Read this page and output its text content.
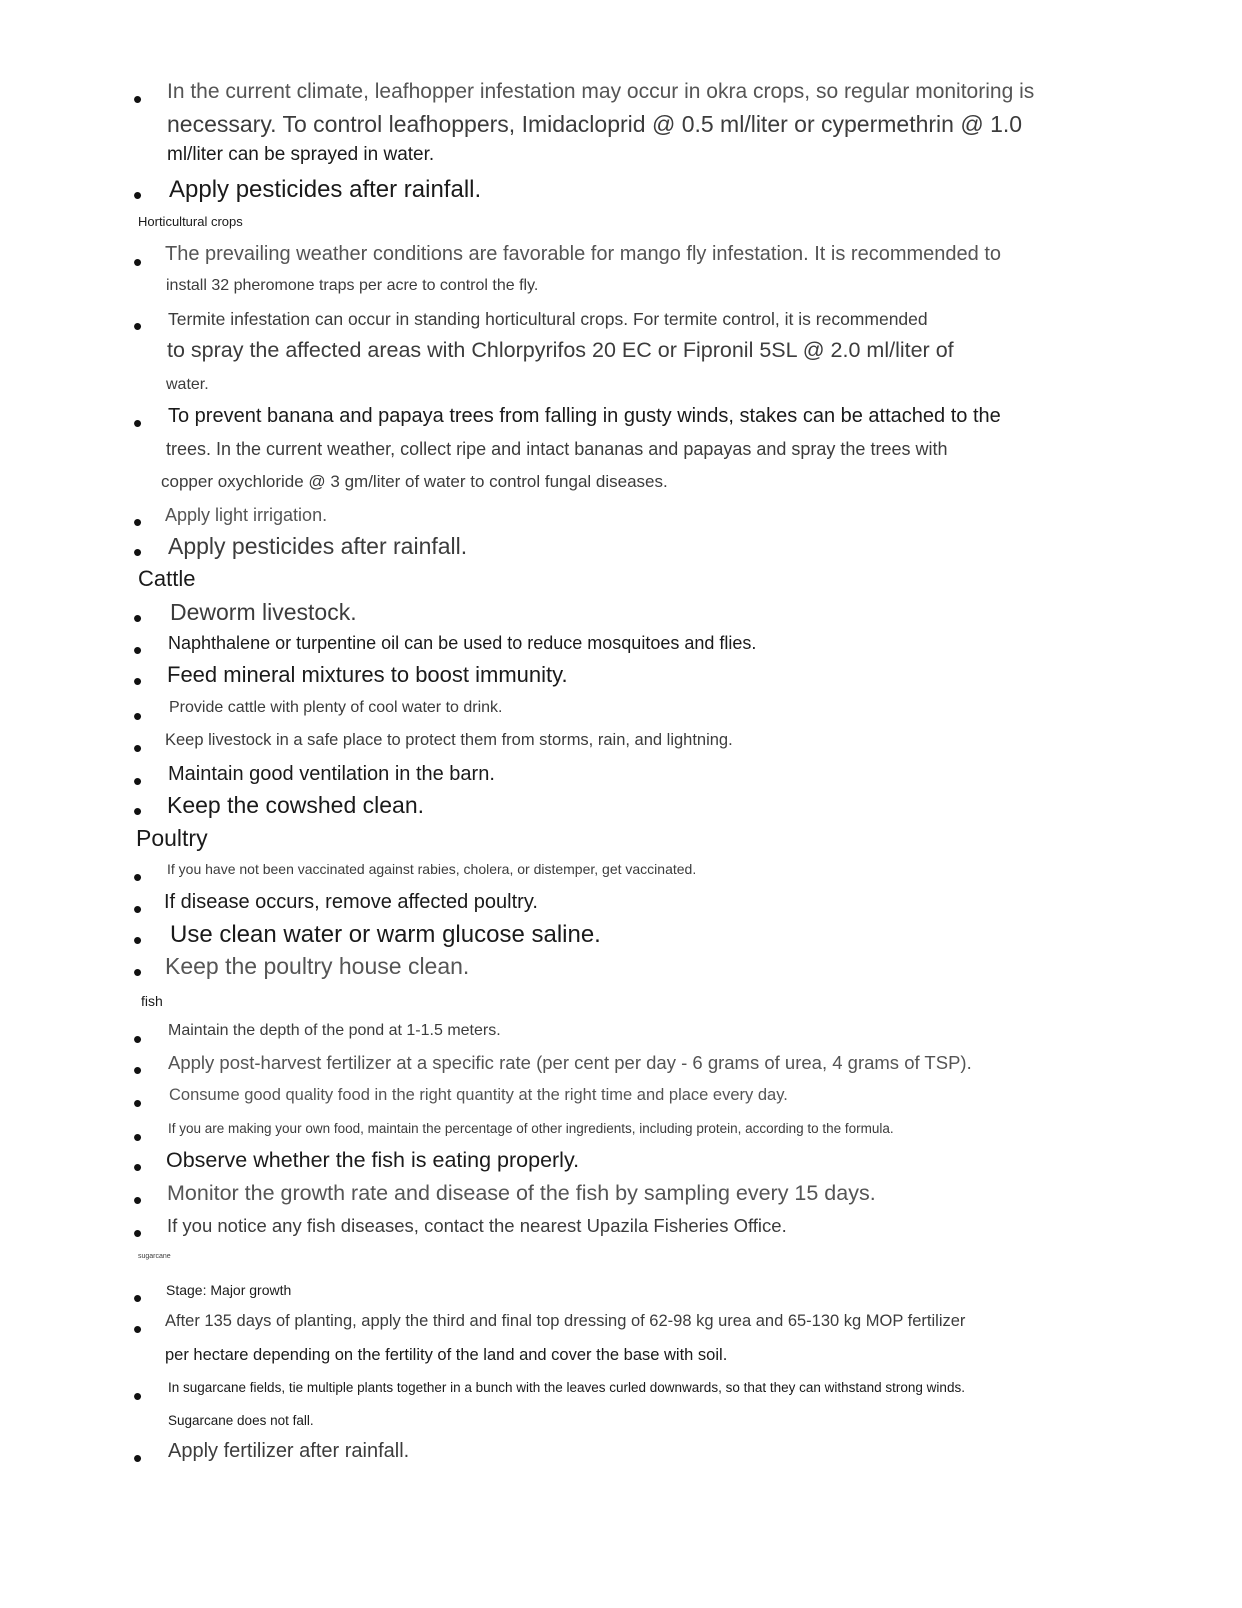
• In the current climate, leafhopper infestation may occur in okra crops, so regular monitoring is
necessary. To control leafhoppers, Imidacloprid @ 0.5 ml/liter or cypermethrin @ 1.0
ml/liter can be sprayed in water.
• Apply pesticides after rainfall.
Horticultural crops
• The prevailing weather conditions are favorable for mango fly infestation. It is recommended to
install 32 pheromone traps per acre to control the fly.
• Termite infestation can occur in standing horticultural crops. For termite control, it is recommended
to spray the affected areas with Chlorpyrifos 20 EC or Fipronil 5SL @ 2.0 ml/liter of
water.
• To prevent banana and papaya trees from falling in gusty winds, stakes can be attached to the
trees. In the current weather, collect ripe and intact bananas and papayas and spray the trees with
copper oxychloride @ 3 gm/liter of water to control fungal diseases.
• Apply light irrigation.
• Apply pesticides after rainfall.
Cattle
• Deworm livestock.
• Naphthalene or turpentine oil can be used to reduce mosquitoes and flies.
• Feed mineral mixtures to boost immunity.
• Provide cattle with plenty of cool water to drink.
• Keep livestock in a safe place to protect them from storms, rain, and lightning.
• Maintain good ventilation in the barn.
• Keep the cowshed clean.
Poultry
• If you have not been vaccinated against rabies, cholera, or distemper, get vaccinated.
• If disease occurs, remove affected poultry.
• Use clean water or warm glucose saline.
• Keep the poultry house clean.
fish
• Maintain the depth of the pond at 1-1.5 meters.
• Apply post-harvest fertilizer at a specific rate (per cent per day - 6 grams of urea, 4 grams of TSP).
• Consume good quality food in the right quantity at the right time and place every day.
• If you are making your own food, maintain the percentage of other ingredients, including protein, according to the formula.
• Observe whether the fish is eating properly.
• Monitor the growth rate and disease of the fish by sampling every 15 days.
• If you notice any fish diseases, contact the nearest Upazila Fisheries Office.
sugarcane
• Stage: Major growth
• After 135 days of planting, apply the third and final top dressing of 62-98 kg urea and 65-130 kg MOP fertilizer
per hectare depending on the fertility of the land and cover the base with soil.
• In sugarcane fields, tie multiple plants together in a bunch with the leaves curled downwards, so that they can withstand strong winds.
Sugarcane does not fall.
• Apply fertilizer after rainfall.
